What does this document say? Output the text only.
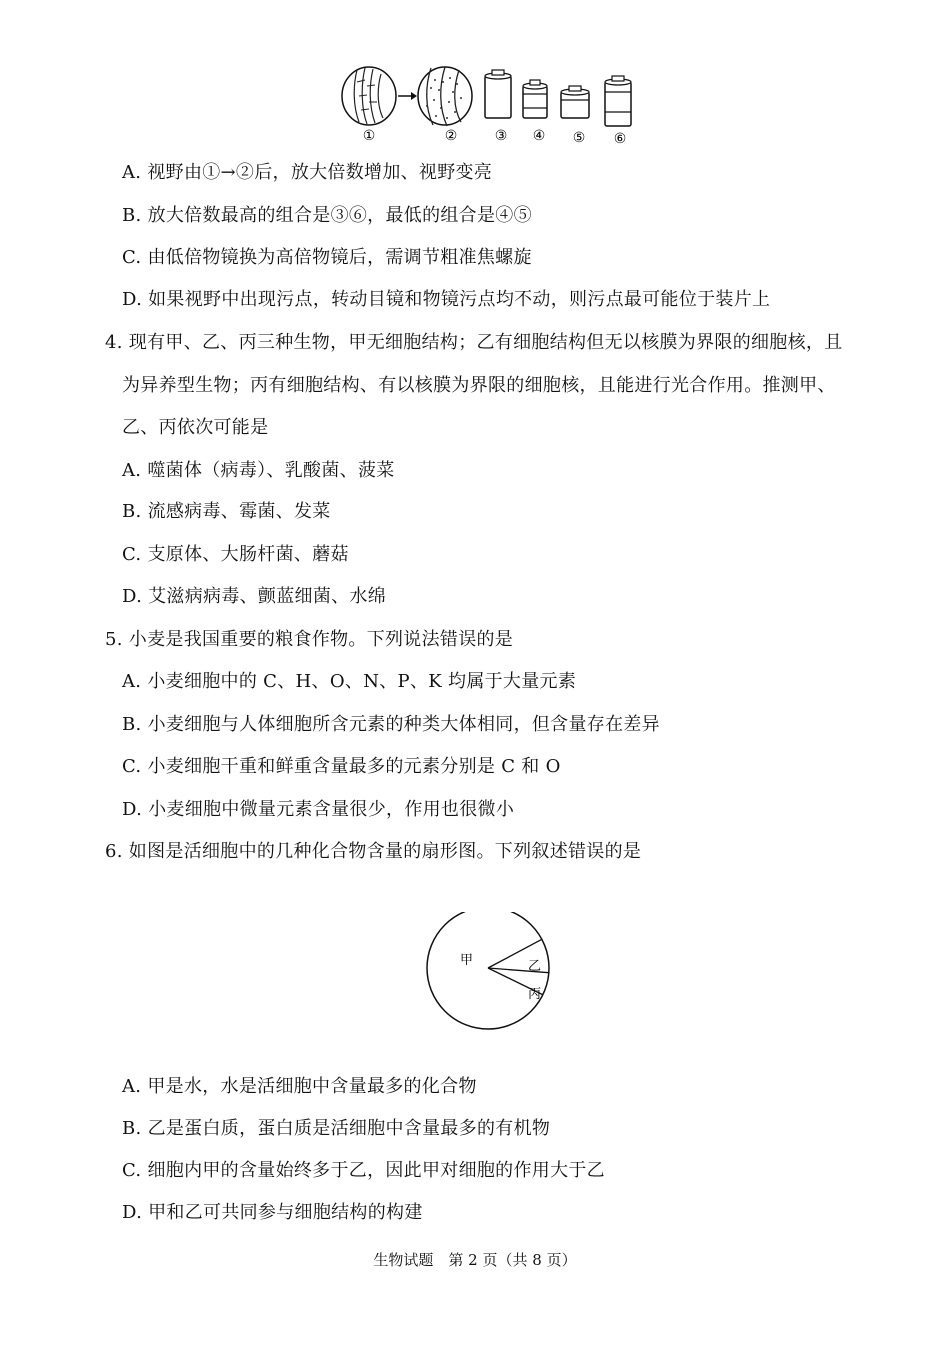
①	②	③ ④ ⑤ ⑥
A. 视野由①→②后，放大倍数增加、视野变亮
B. 放大倍数最高的组合是③⑥，最低的组合是④⑤
C. 由低倍物镜换为高倍物镜后，需调节粗准焦螺旋
D. 如果视野中出现污点，转动目镜和物镜污点均不动，则污点最可能位于装片上
4. 现有甲、乙、丙三种生物，甲无细胞结构；乙有细胞结构但无以核膜为界限的细胞核，且
为异养型生物；丙有细胞结构、有以核膜为界限的细胞核，且能进行光合作用。推测甲、
乙、丙依次可能是
A. 噬菌体（病毒）、乳酸菌、菠菜
B. 流感病毒、霉菌、发菜
C. 支原体、大肠杆菌、蘑菇
D. 艾滋病病毒、颤蓝细菌、水绵
5. 小麦是我国重要的粮食作物。下列说法错误的是
A. 小麦细胞中的 C、H、O、N、P、K 均属于大量元素
B. 小麦细胞与人体细胞所含元素的种类大体相同，但含量存在差异
C. 小麦细胞干重和鲜重含量最多的元素分别是 C 和 O
D. 小麦细胞中微量元素含量很少，作用也很微小
6. 如图是活细胞中的几种化合物含量的扇形图。下列叙述错误的是
甲	乙
丙
A. 甲是水，水是活细胞中含量最多的化合物
B. 乙是蛋白质，蛋白质是活细胞中含量最多的有机物
C. 细胞内甲的含量始终多于乙，因此甲对细胞的作用大于乙
D. 甲和乙可共同参与细胞结构的构建
生物试题　第 2 页（共 8 页）
